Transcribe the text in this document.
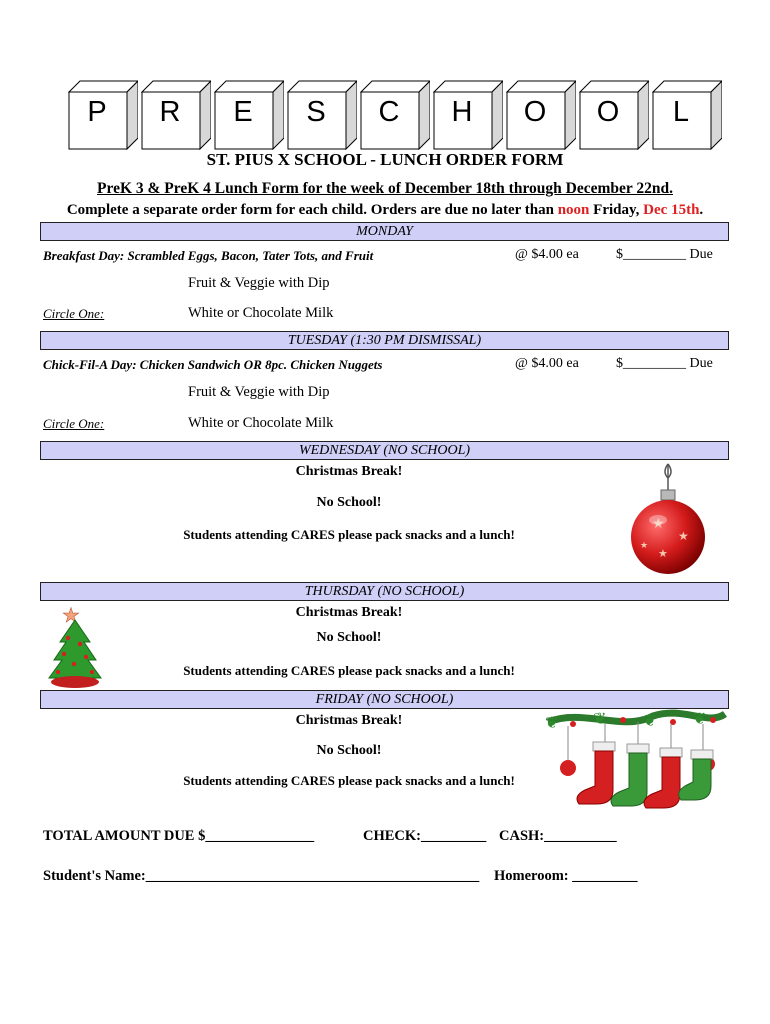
P	R	E	S	C	H	O	O	L
ST. PIUS X SCHOOL - LUNCH ORDER FORM
PreK 3 & PreK 4 Lunch Form for the week of December 18th through December 22nd.
Complete a separate order form for each child. Orders are due no later than noon Friday, Dec 15th.
MONDAY
Breakfast Day: Scrambled Eggs, Bacon, Tater Tots, and Fruit	@ $4.00 ea	$_________ Due
Fruit & Veggie with Dip
Circle One:	White or Chocolate Milk
TUESDAY (1:30 PM DISMISSAL)
Chick-Fil-A Day: Chicken Sandwich OR 8pc. Chicken Nuggets	@ $4.00 ea	$_________ Due
Fruit & Veggie with Dip
Circle One:	White or Chocolate Milk
WEDNESDAY (NO SCHOOL)
Christmas Break!
No School!
Students attending CARES please pack snacks and a lunch!
★
★
★
★
THURSDAY (NO SCHOOL)
Christmas Break!
No School!
Students attending CARES please pack snacks and a lunch!
★
FRIDAY (NO SCHOOL)
Christmas Break!
No School!
Students attending CARES please pack snacks and a lunch!
❦ ❦ ❦ ❦
TOTAL AMOUNT DUE $_______________	CHECK:_________ CASH:__________
Student's Name:______________________________________________ Homeroom: _________
